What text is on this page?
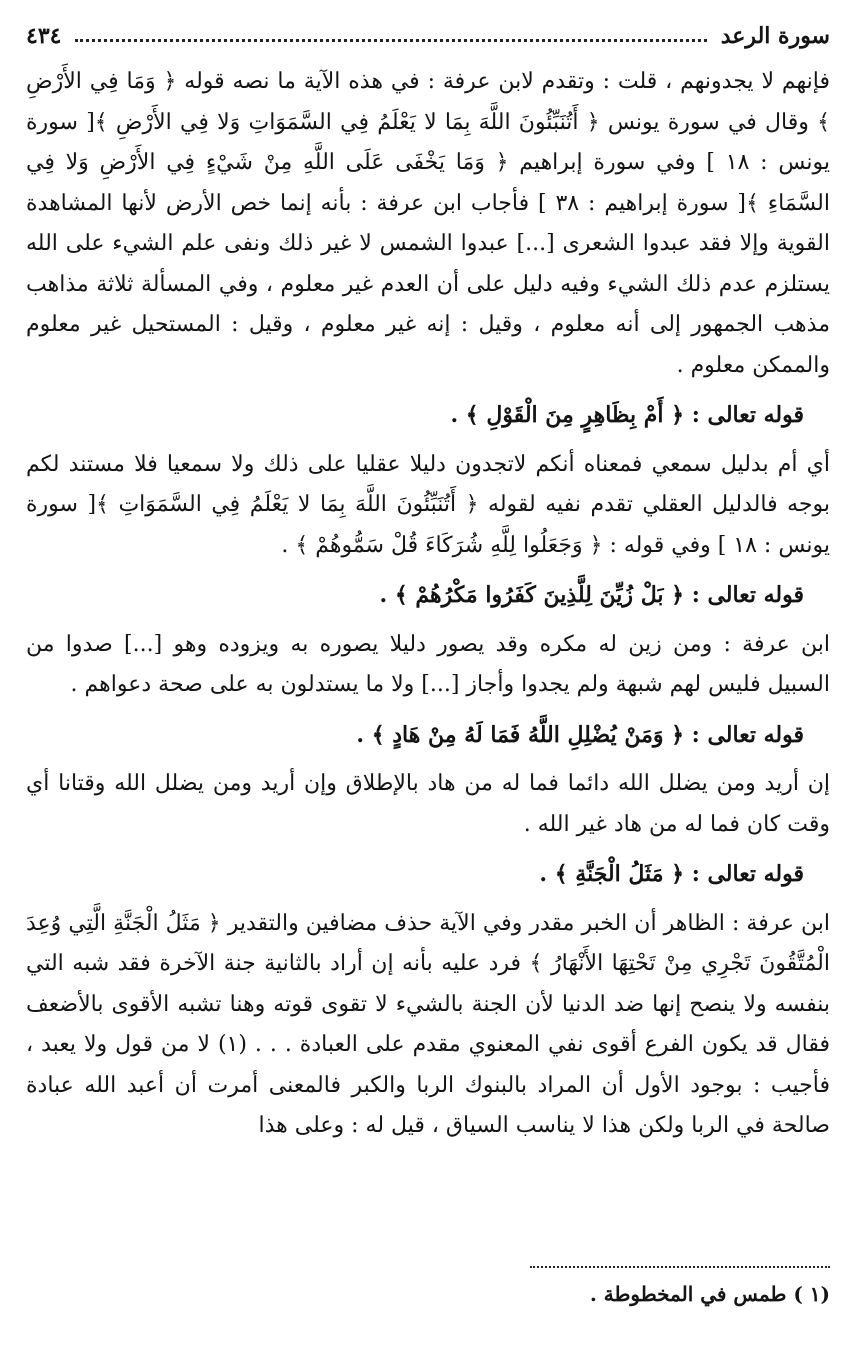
سورة الرعد
٤٣٤

فإنهم لا يجدونهم ، قلت : وتقدم لابن عرفة : في هذه الآية ما نصه قوله ﴿ وَمَا فِي الأَرْضِ ﴾ وقال في سورة يونس ﴿ أَتُنَبِّئُونَ اللَّهَ بِمَا لا يَعْلَمُ فِي السَّمَوَاتِ وَلا فِي الأَرْضِ ﴾[ سورة يونس : ١٨ ] وفي سورة إبراهيم ﴿ وَمَا يَخْفَى عَلَى اللَّهِ مِنْ شَيْءٍ فِي الأَرْضِ وَلا فِي السَّمَاءِ ﴾[ سورة إبراهيم : ٣٨ ] فأجاب ابن عرفة : بأنه إنما خص الأرض لأنها المشاهدة القوية وإلا فقد عبدوا الشعرى [...] عبدوا الشمس لا غير ذلك ونفى علم الشيء على الله يستلزم عدم ذلك الشيء وفيه دليل على أن العدم غير معلوم ، وفي المسألة ثلاثة مذاهب مذهب الجمهور إلى أنه معلوم ، وقيل : إنه غير معلوم ، وقيل : المستحيل غير معلوم والممكن معلوم .

قوله تعالى : ﴿ أَمْ بِظَاهِرٍ مِنَ الْقَوْلِ ﴾ .

أي أم بدليل سمعي فمعناه أنكم لاتجدون دليلا عقليا على ذلك ولا سمعيا فلا مستند لكم بوجه فالدليل العقلي تقدم نفيه لقوله ﴿ أَتُنَبِّئُونَ اللَّهَ بِمَا لا يَعْلَمُ فِي السَّمَوَاتِ ﴾[ سورة يونس : ١٨ ] وفي قوله : ﴿ وَجَعَلُوا لِلَّهِ شُرَكَاءَ قُلْ سَمُّوهُمْ ﴾ .

قوله تعالى : ﴿ بَلْ زُيِّنَ لِلَّذِينَ كَفَرُوا مَكْرُهُمْ ﴾ .

ابن عرفة : ومن زين له مكره وقد يصور دليلا يصوره به ويزوده وهو [...] صدوا من السبيل فليس لهم شبهة ولم يجدوا وأجاز [...] ولا ما يستدلون به على صحة دعواهم .

قوله تعالى : ﴿ وَمَنْ يُضْلِلِ اللَّهُ فَمَا لَهُ مِنْ هَادٍ ﴾ .

إن أريد ومن يضلل الله دائما فما له من هاد بالإطلاق وإن أريد ومن يضلل الله وقتانا أي وقت كان فما له من هاد غير الله .

قوله تعالى : ﴿ مَثَلُ الْجَنَّةِ ﴾ .

ابن عرفة : الظاهر أن الخبر مقدر وفي الآية حذف مضافين والتقدير ﴿ مَثَلُ الْجَنَّةِ الَّتِي وُعِدَ الْمُتَّقُونَ تَجْرِي مِنْ تَحْتِهَا الأَنْهَارُ ﴾ فرد عليه بأنه إن أراد بالثانية جنة الآخرة فقد شبه التي بنفسه ولا ينصح إنها ضد الدنيا لأن الجنة بالشيء لا تقوى قوته وهنا تشبه الأقوى بالأضعف فقال قد يكون الفرع أقوى نفي المعنوي مقدم على العبادة . . . (١) لا من قول ولا يعبد ، فأجيب : بوجود الأول أن المراد بالبنوك الربا والكبر فالمعنى أمرت أن أعبد الله عبادة صالحة في الربا ولكن هذا لا يناسب السياق ، قيل له : وعلى هذا

(١ ) طمس في المخطوطة .
